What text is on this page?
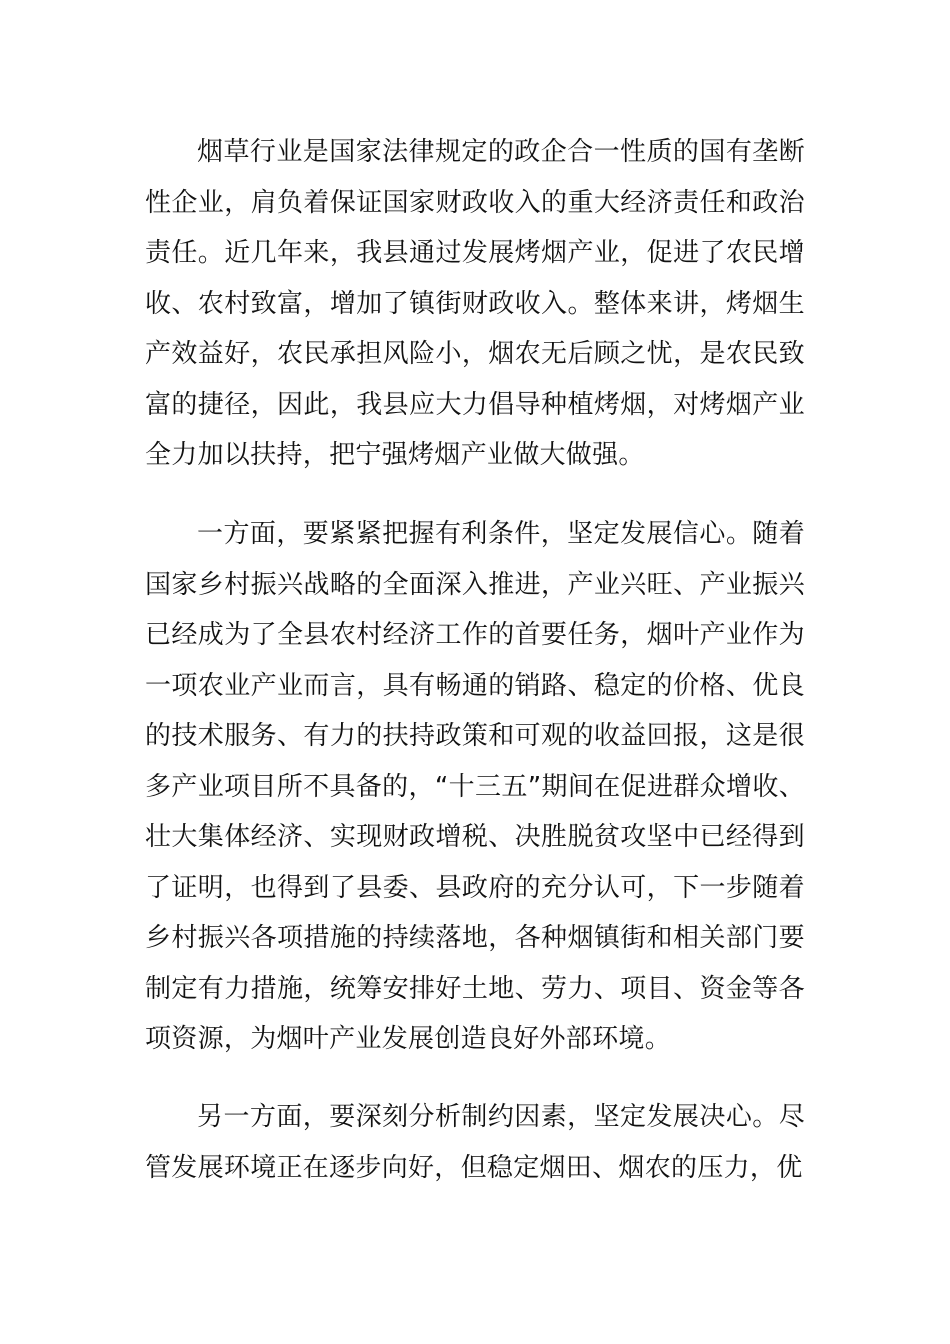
烟草行业是国家法律规定的政企合一性质的国有垄断性企业，肩负着保证国家财政收入的重大经济责任和政治责任。近几年来，我县通过发展烤烟产业，促进了农民增收、农村致富，增加了镇街财政收入。整体来讲，烤烟生产效益好，农民承担风险小，烟农无后顾之忧，是农民致富的捷径，因此，我县应大力倡导种植烤烟，对烤烟产业全力加以扶持，把宁强烤烟产业做大做强。

一方面，要紧紧把握有利条件，坚定发展信心。随着国家乡村振兴战略的全面深入推进，产业兴旺、产业振兴已经成为了全县农村经济工作的首要任务，烟叶产业作为一项农业产业而言，具有畅通的销路、稳定的价格、优良的技术服务、有力的扶持政策和可观的收益回报，这是很多产业项目所不具备的，“十三五”期间在促进群众增收、壮大集体经济、实现财政增税、决胜脱贫攻坚中已经得到了证明，也得到了县委、县政府的充分认可，下一步随着乡村振兴各项措施的持续落地，各种烟镇街和相关部门要制定有力措施，统筹安排好土地、劳力、项目、资金等各项资源，为烟叶产业发展创造良好外部环境。

另一方面，要深刻分析制约因素，坚定发展决心。尽管发展环境正在逐步向好，但稳定烟田、烟农的压力，优
